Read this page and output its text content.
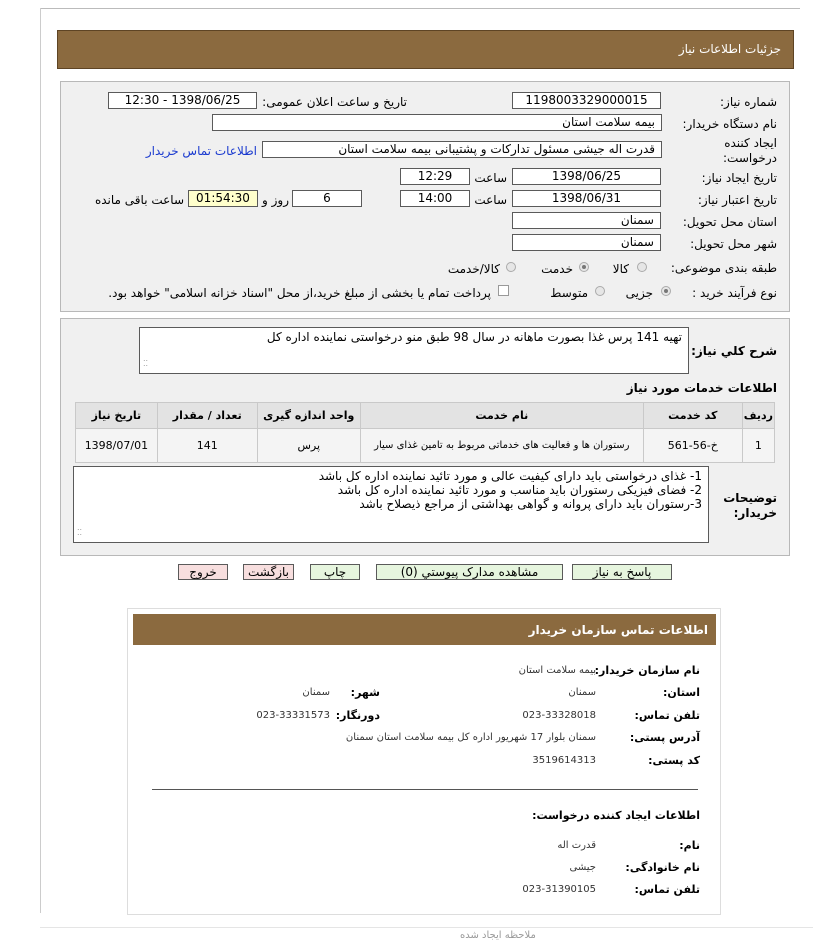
جزئیات اطلاعات نیاز
شماره نیاز:
1198003329000015
تاریخ و ساعت اعلان عمومی:
1398/06/25 - 12:30
نام دستگاه خریدار:
بیمه سلامت استان
ایجاد کننده درخواست:
قدرت اله جیشی مسئول تدارکات و پشتیبانی بیمه سلامت استان
اطلاعات تماس خریدار
تاریخ ایجاد نیاز:
1398/06/25
ساعت
12:29
تاریخ اعتبار نیاز:
1398/06/31
ساعت
14:00
6
روز و
01:54:30
ساعت باقی مانده
استان محل تحویل:
سمنان
شهر محل تحویل:
سمنان
طبقه بندی موضوعی:
کالا
خدمت
کالا/خدمت
نوع فرآیند خرید :
جزیی
متوسط
پرداخت تمام یا بخشی از مبلغ خرید،از محل "اسناد خزانه اسلامی" خواهد بود.
شرح کلي نياز:
تهیه 141 پرس غذا بصورت ماهانه در سال 98 طبق منو درخواستی نماینده اداره کل
⁚⁚
اطلاعات خدمات مورد نیاز
ردیف	کد خدمت	نام خدمت	واحد اندازه گیری	تعداد / مقدار	تاریخ نیاز
1	خ-56-561	رستوران ها و فعالیت های خدماتی مربوط به تامین غذای سیار	پرس	141	1398/07/01
توضیحات خریدار:
1- غذای درخواستی باید دارای کیفیت عالی و مورد تائید نماینده اداره کل باشد
2- فضای فیزیکی رستوران باید مناسب و مورد تائید نماینده اداره کل باشد
3-رستوران باید دارای پروانه و گواهی بهداشتی از مراجع ذیصلاح باشد
⁚⁚
پاسخ به نیاز
مشاهده مدارک پیوستي (0)
چاپ
بازگشت
خروج
اطلاعات تماس سازمان خریدار
نام سازمان خریدار:
بیمه سلامت استان
استان:
سمنان
شهر:
سمنان
تلفن تماس:
023-33328018
دورنگار:
023-33331573
آدرس پستی:
سمنان بلوار 17 شهریور اداره کل بیمه سلامت استان سمنان
کد پستی:
3519614313
اطلاعات ایجاد کننده درخواست:
نام:
قدرت اله
نام خانوادگی:
جیشی
تلفن تماس:
023-31390105
ملاحظه ایجاد شده
